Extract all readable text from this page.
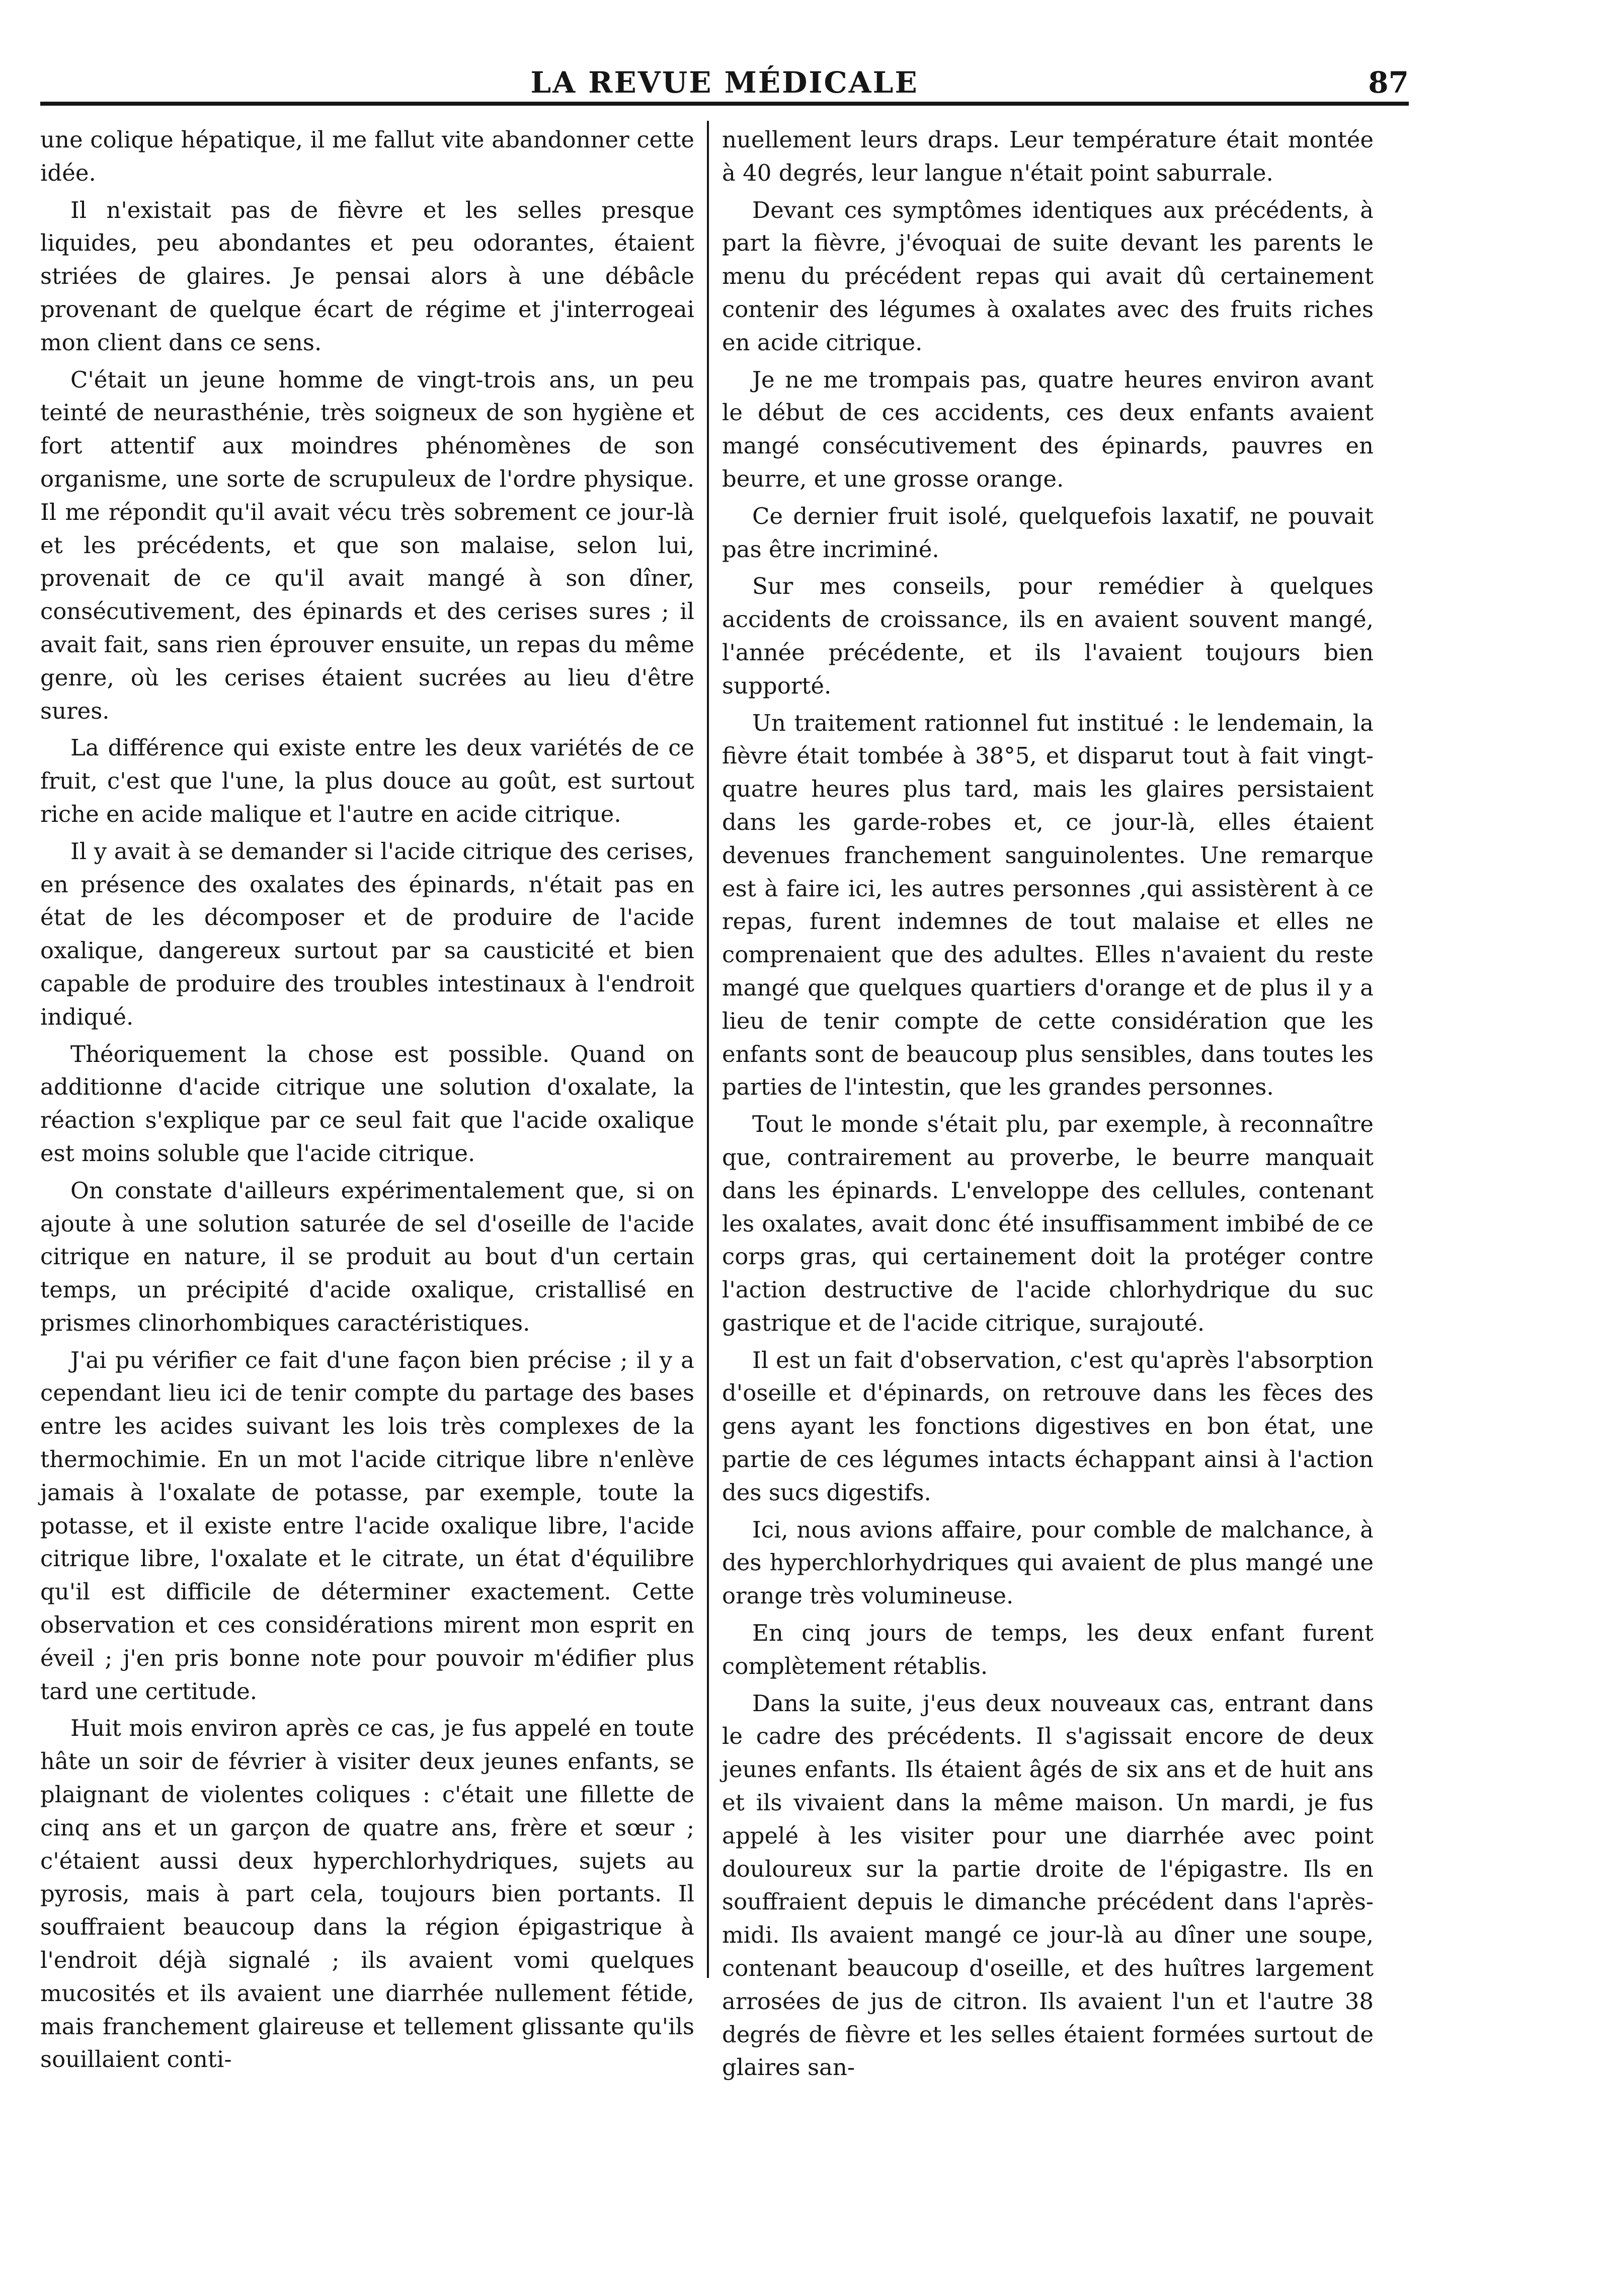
LA REVUE MÉDICALE	87

une colique hépatique, il me fallut vite abandonner cette idée.

Il n'existait pas de fièvre et les selles presque liquides, peu abondantes et peu odorantes, étaient striées de glaires. Je pensai alors à une débâcle provenant de quelque écart de régime et j'interrogeai mon client dans ce sens.

C'était un jeune homme de vingt-trois ans, un peu teinté de neurasthénie, très soigneux de son hygiène et fort attentif aux moindres phénomènes de son organisme, une sorte de scrupuleux de l'ordre physique. Il me répondit qu'il avait vécu très sobrement ce jour-là et les précédents, et que son malaise, selon lui, provenait de ce qu'il avait mangé à son dîner, consécutivement, des épinards et des cerises sures ; il avait fait, sans rien éprouver ensuite, un repas du même genre, où les cerises étaient sucrées au lieu d'être sures.

La différence qui existe entre les deux variétés de ce fruit, c'est que l'une, la plus douce au goût, est surtout riche en acide malique et l'autre en acide citrique.

Il y avait à se demander si l'acide citrique des cerises, en présence des oxalates des épinards, n'était pas en état de les décomposer et de produire de l'acide oxalique, dangereux surtout par sa causticité et bien capable de produire des troubles intestinaux à l'endroit indiqué.

Théoriquement la chose est possible. Quand on additionne d'acide citrique une solution d'oxalate, la réaction s'explique par ce seul fait que l'acide oxalique est moins soluble que l'acide citrique.

On constate d'ailleurs expérimentalement que, si on ajoute à une solution saturée de sel d'oseille de l'acide citrique en nature, il se produit au bout d'un certain temps, un précipité d'acide oxalique, cristallisé en prismes clinorhombiques caractéristiques.

J'ai pu vérifier ce fait d'une façon bien précise ; il y a cependant lieu ici de tenir compte du partage des bases entre les acides suivant les lois très complexes de la thermochimie. En un mot l'acide citrique libre n'enlève jamais à l'oxalate de potasse, par exemple, toute la potasse, et il existe entre l'acide oxalique libre, l'acide citrique libre, l'oxalate et le citrate, un état d'équilibre qu'il est difficile de déterminer exactement. Cette observation et ces considérations mirent mon esprit en éveil ; j'en pris bonne note pour pouvoir m'édifier plus tard une certitude.

Huit mois environ après ce cas, je fus appelé en toute hâte un soir de février à visiter deux jeunes enfants, se plaignant de violentes coliques : c'était une fillette de cinq ans et un garçon de quatre ans, frère et sœur ; c'étaient aussi deux hyperchlorhydriques, sujets au pyrosis, mais à part cela, toujours bien portants. Il souffraient beaucoup dans la région épigastrique à l'endroit déjà signalé ; ils avaient vomi quelques mucosités et ils avaient une diarrhée nullement fétide, mais franchement glaireuse et tellement glissante qu'ils souillaient conti-

nuellement leurs draps. Leur température était montée à 40 degrés, leur langue n'était point saburrale.

Devant ces symptômes identiques aux précédents, à part la fièvre, j'évoquai de suite devant les parents le menu du précédent repas qui avait dû certainement contenir des légumes à oxalates avec des fruits riches en acide citrique.

Je ne me trompais pas, quatre heures environ avant le début de ces accidents, ces deux enfants avaient mangé consécutivement des épinards, pauvres en beurre, et une grosse orange.

Ce dernier fruit isolé, quelquefois laxatif, ne pouvait pas être incriminé.

Sur mes conseils, pour remédier à quelques accidents de croissance, ils en avaient souvent mangé, l'année précédente, et ils l'avaient toujours bien supporté.

Un traitement rationnel fut institué : le lendemain, la fièvre était tombée à 38°5, et disparut tout à fait vingt-quatre heures plus tard, mais les glaires persistaient dans les garde-robes et, ce jour-là, elles étaient devenues franchement sanguinolentes. Une remarque est à faire ici, les autres personnes ,qui assistèrent à ce repas, furent indemnes de tout malaise et elles ne comprenaient que des adultes. Elles n'avaient du reste mangé que quelques quartiers d'orange et de plus il y a lieu de tenir compte de cette considération que les enfants sont de beaucoup plus sensibles, dans toutes les parties de l'intestin, que les grandes personnes.

Tout le monde s'était plu, par exemple, à reconnaître que, contrairement au proverbe, le beurre manquait dans les épinards. L'enveloppe des cellules, contenant les oxalates, avait donc été insuffisamment imbibé de ce corps gras, qui certainement doit la protéger contre l'action destructive de l'acide chlorhydrique du suc gastrique et de l'acide citrique, surajouté.

Il est un fait d'observation, c'est qu'après l'absorption d'oseille et d'épinards, on retrouve dans les fèces des gens ayant les fonctions digestives en bon état, une partie de ces légumes intacts échappant ainsi à l'action des sucs digestifs.

Ici, nous avions affaire, pour comble de malchance, à des hyperchlorhydriques qui avaient de plus mangé une orange très volumineuse.

En cinq jours de temps, les deux enfant furent complètement rétablis.

Dans la suite, j'eus deux nouveaux cas, entrant dans le cadre des précédents. Il s'agissait encore de deux jeunes enfants. Ils étaient âgés de six ans et de huit ans et ils vivaient dans la même maison. Un mardi, je fus appelé à les visiter pour une diarrhée avec point douloureux sur la partie droite de l'épigastre. Ils en souffraient depuis le dimanche précédent dans l'après-midi. Ils avaient mangé ce jour-là au dîner une soupe, contenant beaucoup d'oseille, et des huîtres largement arrosées de jus de citron. Ils avaient l'un et l'autre 38 degrés de fièvre et les selles étaient formées surtout de glaires san-
